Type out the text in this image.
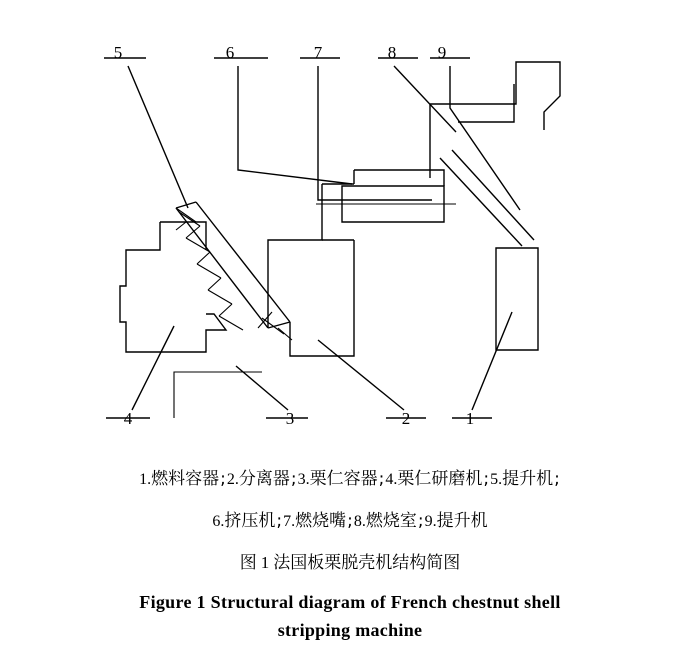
5	6	7	8 9
4	3	2	1
1.燃料容器;2.分离器;3.栗仁容器;4.栗仁研磨机;5.提升机;
6.挤压机;7.燃烧嘴;8.燃烧室;9.提升机
图 1 法国板栗脱壳机结构简图
Figure 1 Structural diagram of French chestnut shell
stripping machine
